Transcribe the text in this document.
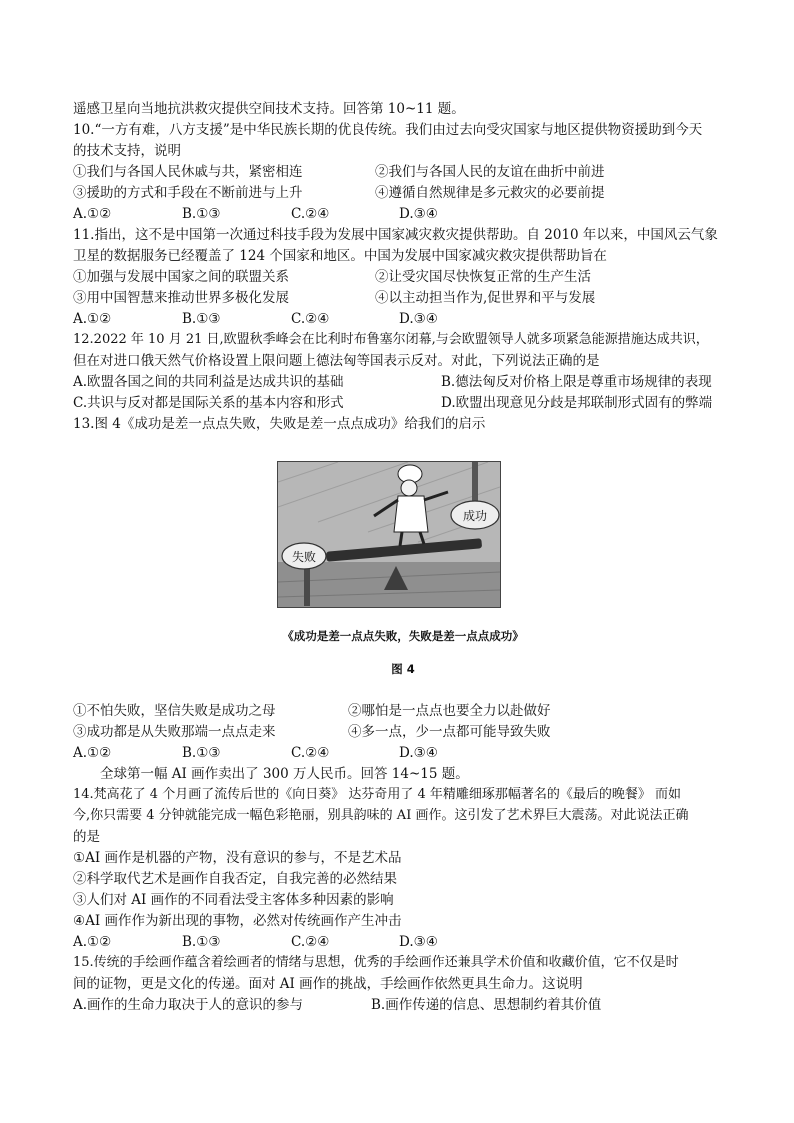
遥感卫星向当地抗洪救灾提供空间技术支持。回答第 10~11 题。
10.“一方有难，八方支援”是中华民族长期的优良传统。我们由过去向受灾国家与地区提供物资援助到今天
的技术支持，说明
①我们与各国人民休戚与共，紧密相连	②我们与各国人民的友谊在曲折中前进
③援助的方式和手段在不断前进与上升	④遵循自然规律是多元救灾的必要前提
A.①②	B.①③	C.②④	D.③④
11.指出，这不是中国第一次通过科技手段为发展中国家减灾救灾提供帮助。自 2010 年以来，中国风云气象
卫星的数据服务已经覆盖了 124 个国家和地区。中国为发展中国家减灾救灾提供帮助旨在
①加强与发展中国家之间的联盟关系	②让受灾国尽快恢复正常的生产生活
③用中国智慧来推动世界多极化发展	④以主动担当作为,促世界和平与发展
A.①②	B.①③	C.②④	D.③④
12.2022 年 10 月 21 日,欧盟秋季峰会在比利时布鲁塞尔闭幕,与会欧盟领导人就多项紧急能源措施达成共识，
但在对进口俄天然气价格设置上限问题上德法匈等国表示反对。对此，下列说法正确的是
A.欧盟各国之间的共同利益是达成共识的基础	B.德法匈反对价格上限是尊重市场规律的表现
C.共识与反对都是国际关系的基本内容和形式	D.欧盟出现意见分歧是邦联制形式固有的弊端
13.图 4《成功是差一点点失败，失败是差一点点成功》给我们的启示
成功
失败
《成功是差一点点失败，失败是差一点点成功》
图 4
①不怕失败，坚信失败是成功之母	②哪怕是一点点也要全力以赴做好
③成功都是从失败那端一点点走来	④多一点，少一点都可能导致失败
A.①②	B.①③	C.②④	D.③④
全球第一幅 AI 画作卖出了 300 万人民币。回答 14~15 题。
14.梵高花了 4 个月画了流传后世的《向日葵》 达芬奇用了 4 年精雕细琢那幅著名的《最后的晚餐》 而如
今,你只需要 4 分钟就能完成一幅色彩艳丽，别具韵味的 AI 画作。这引发了艺术界巨大震荡。对此说法正确
的是
①AI 画作是机器的产物，没有意识的参与，不是艺术品
②科学取代艺术是画作自我否定，自我完善的必然结果
③人们对 AI 画作的不同看法受主客体多种因素的影响
④AI 画作作为新出现的事物，必然对传统画作产生冲击
A.①②	B.①③	C.②④	D.③④
15.传统的手绘画作蕴含着绘画者的情绪与思想，优秀的手绘画作还兼具学术价值和收藏价值，它不仅是时
间的证物，更是文化的传递。面对 AI 画作的挑战，手绘画作依然更具生命力。这说明
A.画作的生命力取决于人的意识的参与	B.画作传递的信息、思想制约着其价值
